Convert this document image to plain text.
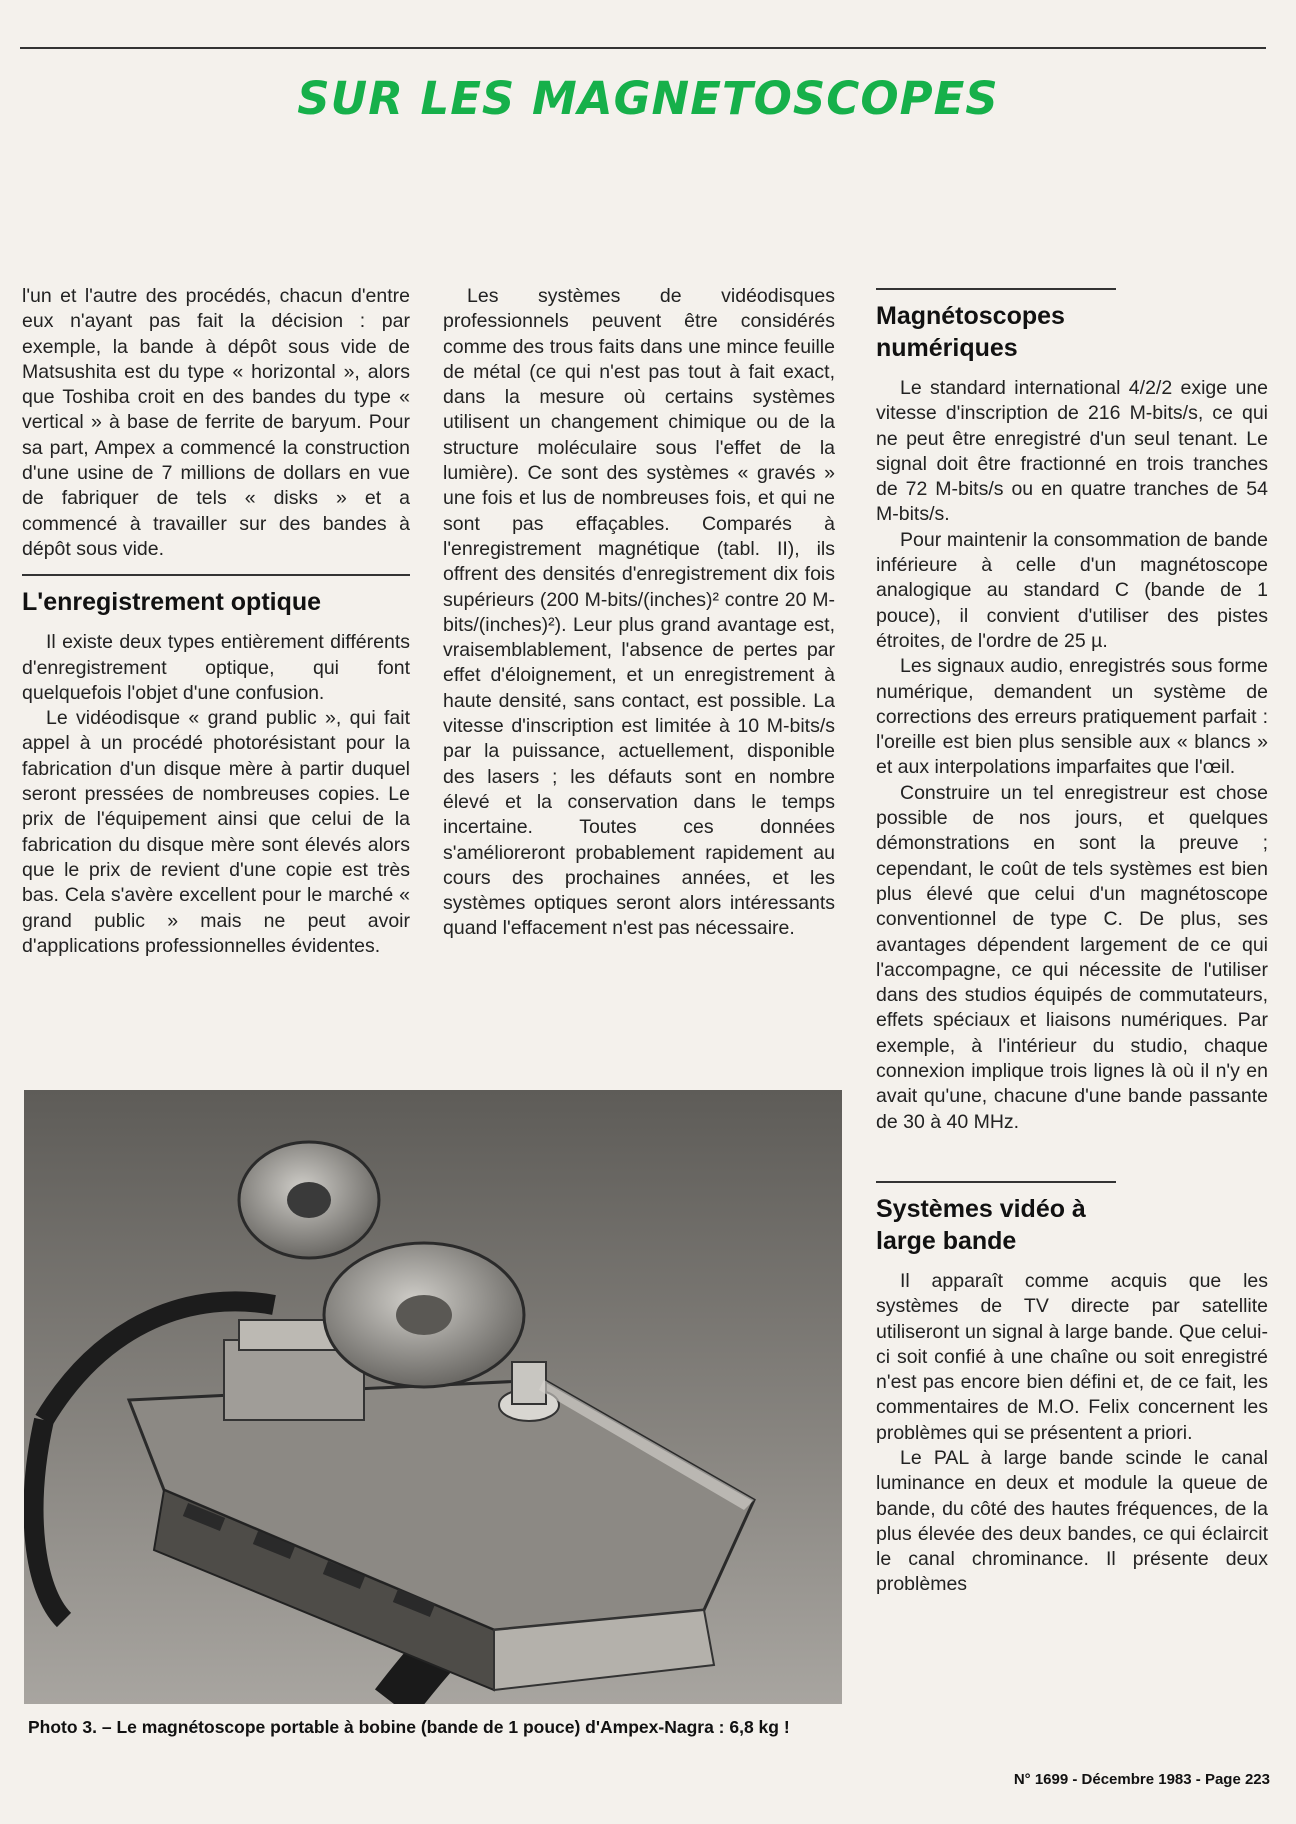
SUR LES MAGNETOSCOPES

l'un et l'autre des procédés, chacun d'entre eux n'ayant pas fait la décision : par exemple, la bande à dépôt sous vide de Matsushita est du type « horizontal », alors que Toshiba croit en des bandes du type « vertical » à base de ferrite de baryum. Pour sa part, Ampex a commencé la construction d'une usine de 7 millions de dollars en vue de fabriquer de tels « disks » et a commencé à travailler sur des bandes à dépôt sous vide.

L'enregistrement optique

Il existe deux types entièrement différents d'enregistrement optique, qui font quelquefois l'objet d'une confusion.

Le vidéodisque « grand public », qui fait appel à un procédé photorésistant pour la fabrication d'un disque mère à partir duquel seront pressées de nombreuses copies. Le prix de l'équipement ainsi que celui de la fabrication du disque mère sont élevés alors que le prix de revient d'une copie est très bas. Cela s'avère excellent pour le marché « grand public » mais ne peut avoir d'applications professionnelles évidentes.

Les systèmes de vidéodisques professionnels peuvent être considérés comme des trous faits dans une mince feuille de métal (ce qui n'est pas tout à fait exact, dans la mesure où certains systèmes utilisent un changement chimique ou de la structure moléculaire sous l'effet de la lumière). Ce sont des systèmes « gravés » une fois et lus de nombreuses fois, et qui ne sont pas effaçables. Comparés à l'enregistrement magnétique (tabl. II), ils offrent des densités d'enregistrement dix fois supérieurs (200 M-bits/(inches)² contre 20 M-bits/(inches)²). Leur plus grand avantage est, vraisemblablement, l'absence de pertes par effet d'éloignement, et un enregistrement à haute densité, sans contact, est possible. La vitesse d'inscription est limitée à 10 M-bits/s par la puissance, actuellement, disponible des lasers ; les défauts sont en nombre élevé et la conservation dans le temps incertaine. Toutes ces données s'amélioreront probablement rapidement au cours des prochaines années, et les systèmes optiques seront alors intéressants quand l'effacement n'est pas nécessaire.

Magnétoscopes numériques

Le standard international 4/2/2 exige une vitesse d'inscription de 216 M-bits/s, ce qui ne peut être enregistré d'un seul tenant. Le signal doit être fractionné en trois tranches de 72 M-bits/s ou en quatre tranches de 54 M-bits/s.

Pour maintenir la consommation de bande inférieure à celle d'un magnétoscope analogique au standard C (bande de 1 pouce), il convient d'utiliser des pistes étroites, de l'ordre de 25 µ.

Les signaux audio, enregistrés sous forme numérique, demandent un système de corrections des erreurs pratiquement parfait : l'oreille est bien plus sensible aux « blancs » et aux interpolations imparfaites que l'œil.

Construire un tel enregistreur est chose possible de nos jours, et quelques démonstrations en sont la preuve ; cependant, le coût de tels systèmes est bien plus élevé que celui d'un magnétoscope conventionnel de type C. De plus, ses avantages dépendent largement de ce qui l'accompagne, ce qui nécessite de l'utiliser dans des studios équipés de commutateurs, effets spéciaux et liaisons numériques. Par exemple, à l'intérieur du studio, chaque connexion implique trois lignes là où il n'y en avait qu'une, chacune d'une bande passante de 30 à 40 MHz.

Systèmes vidéo à large bande

Il apparaît comme acquis que les systèmes de TV directe par satellite utiliseront un signal à large bande. Que celui-ci soit confié à une chaîne ou soit enregistré n'est pas encore bien défini et, de ce fait, les commentaires de M.O. Felix concernent les problèmes qui se présentent a priori.

Le PAL à large bande scinde le canal luminance en deux et module la queue de bande, du côté des hautes fréquences, de la plus élevée des deux bandes, ce qui éclaircit le canal chrominance. Il présente deux problèmes

Photo 3. – Le magnétoscope portable à bobine (bande de 1 pouce) d'Ampex-Nagra : 6,8 kg !
N° 1699 - Décembre 1983 - Page 223
